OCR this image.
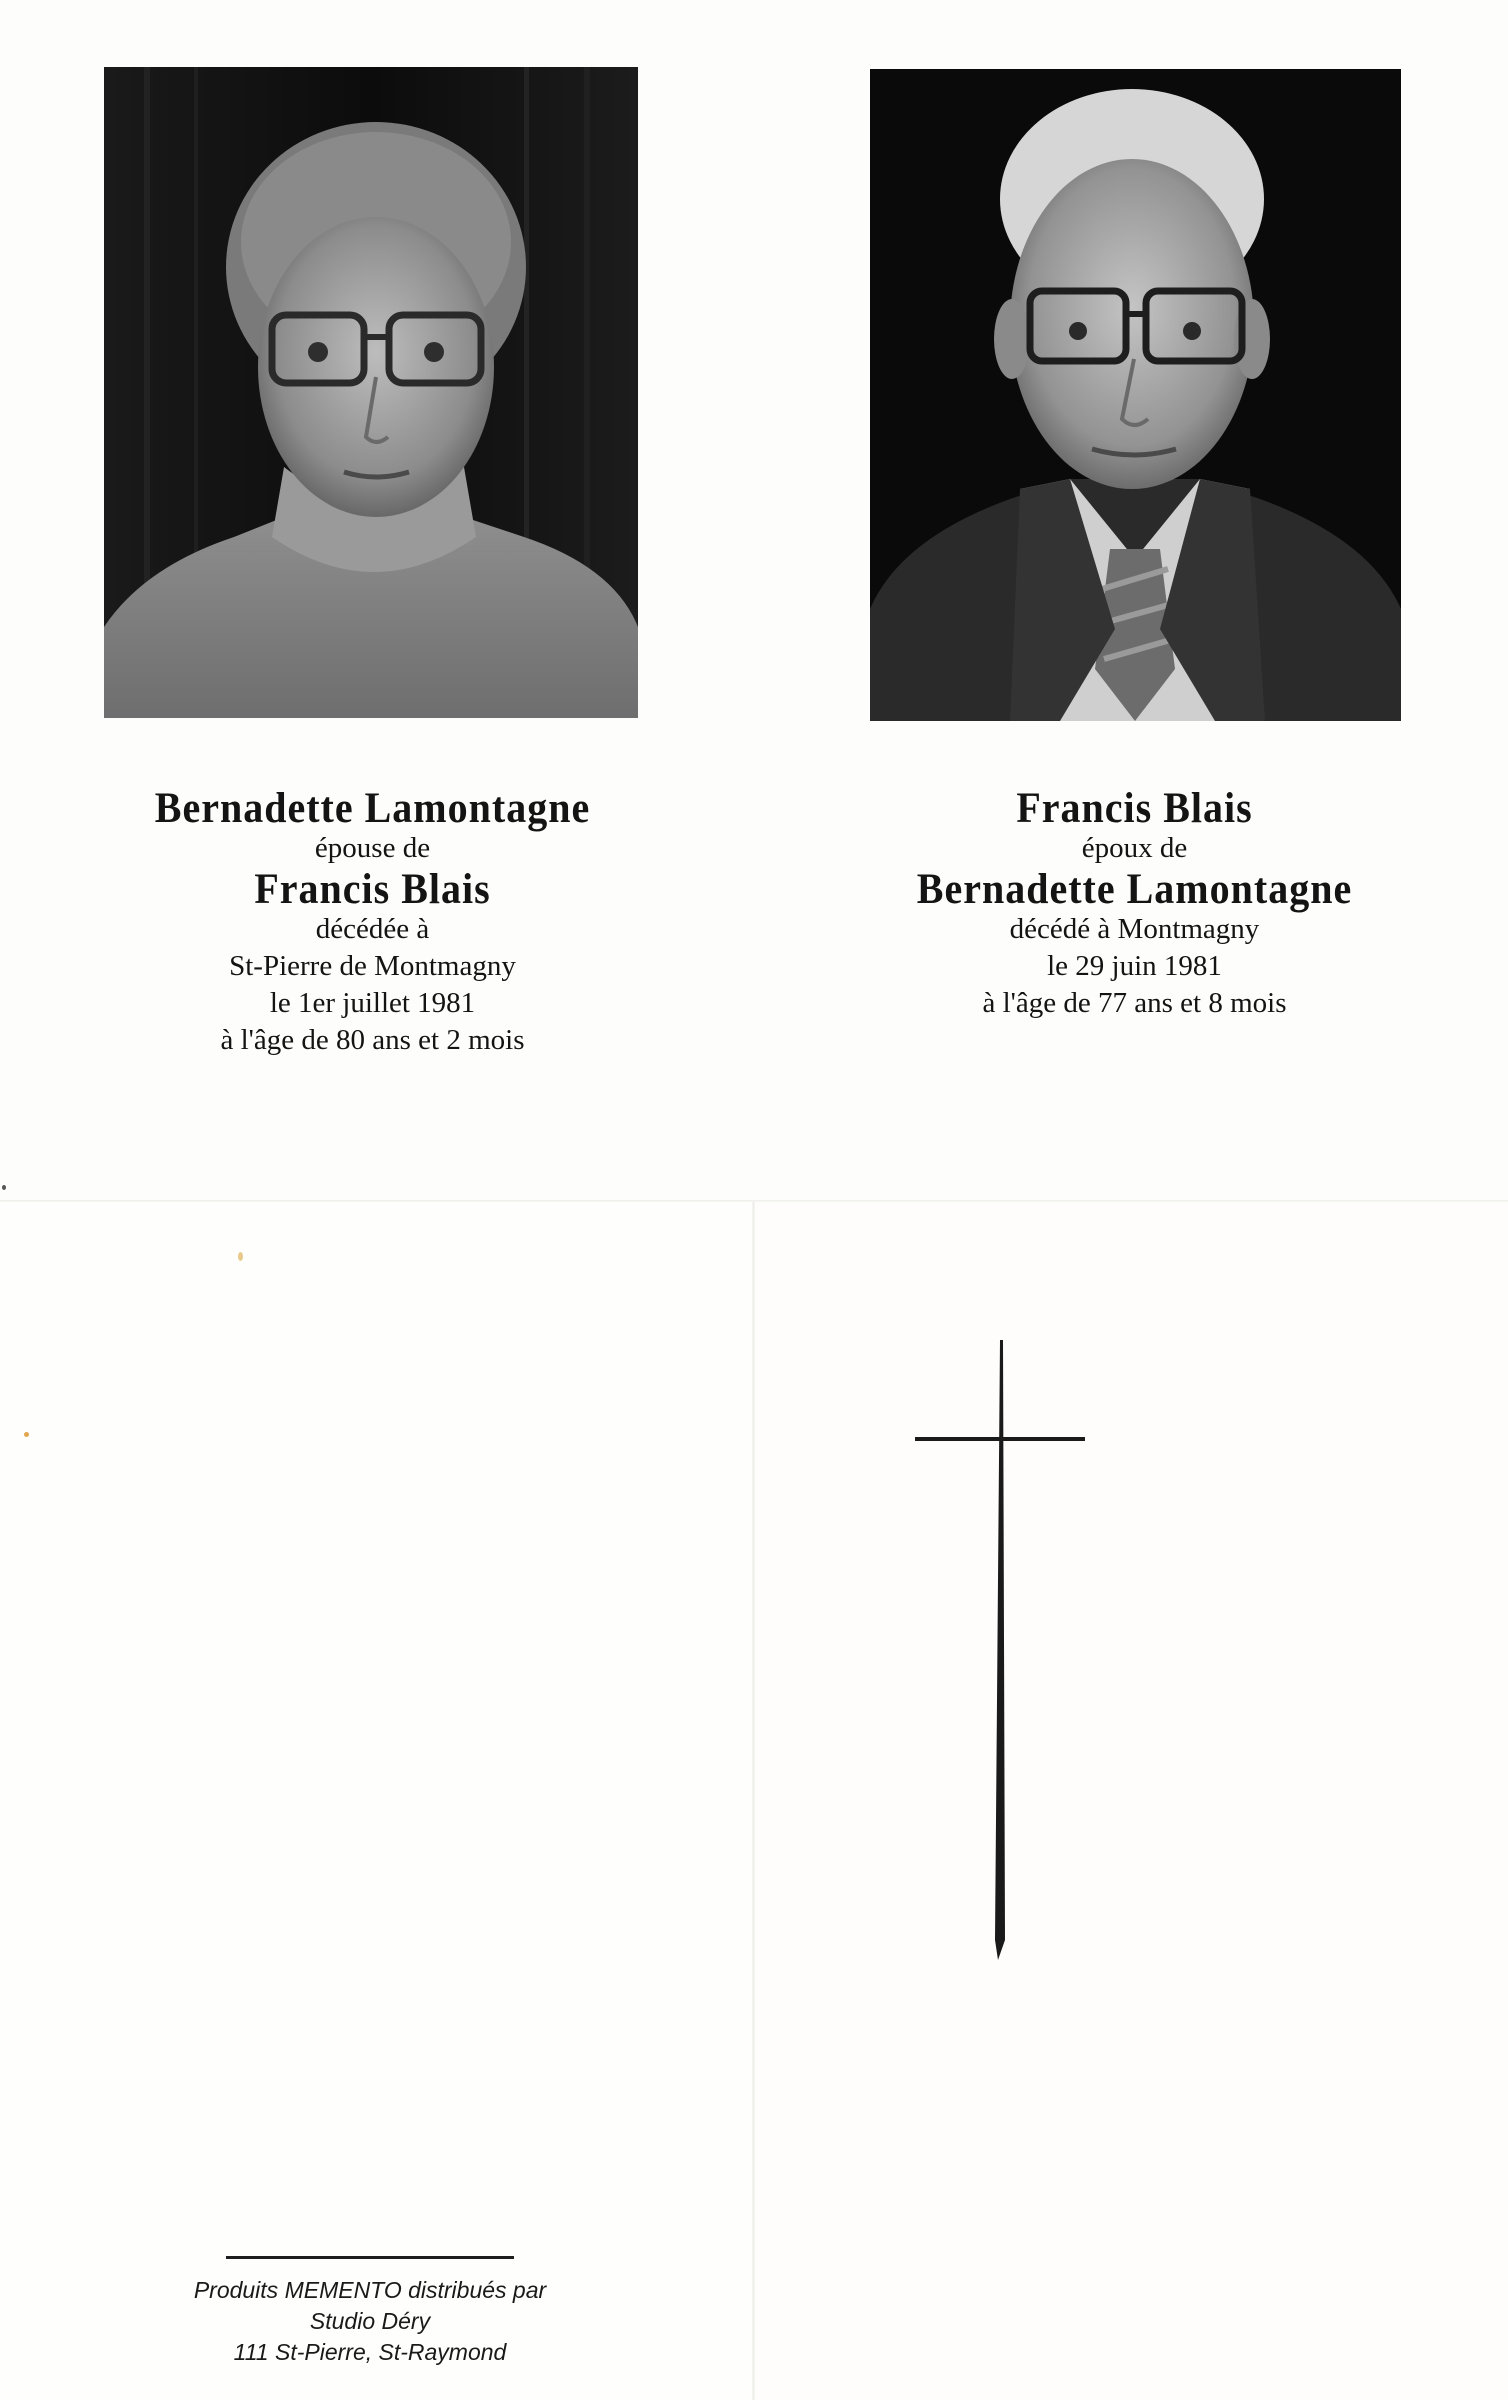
Bernadette Lamontagne
épouse de
Francis Blais
décédée à
St-Pierre de Montmagny
le 1er juillet 1981
à l'âge de 80 ans et 2 mois
Francis Blais
époux de
Bernadette Lamontagne
décédé à Montmagny
le 29 juin 1981
à l'âge de 77 ans et 8 mois
Produits MEMENTO distribués par
Studio Déry
111 St-Pierre, St-Raymond
